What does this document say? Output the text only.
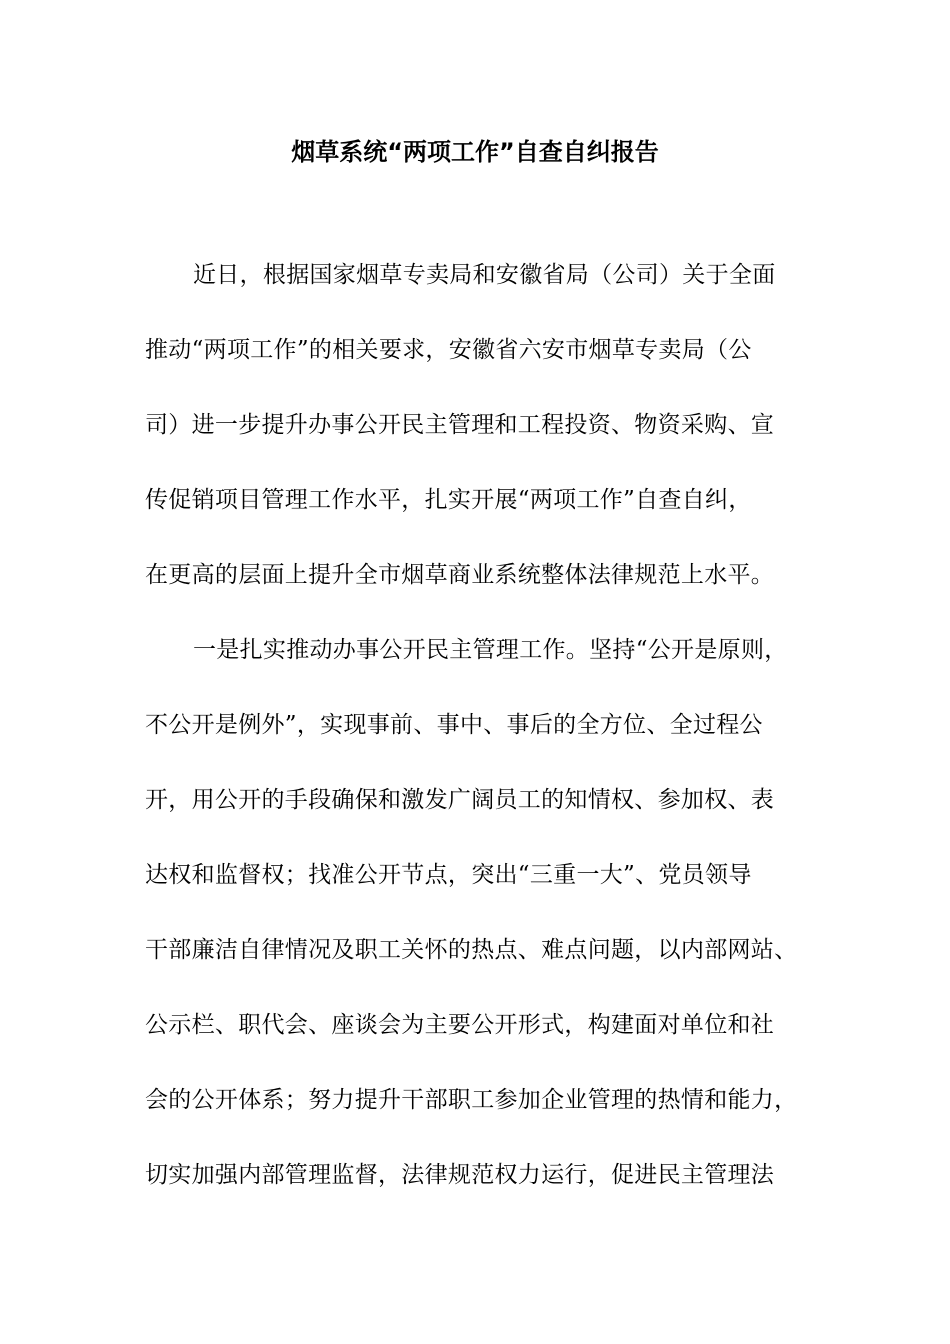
烟草系统“两项工作”自查自纠报告
近日，根据国家烟草专卖局和安徽省局（公司）关于全面
推动“两项工作”的相关要求，安徽省六安市烟草专卖局（公
司）进一步提升办事公开民主管理和工程投资、物资采购、宣
传促销项目管理工作水平，扎实开展“两项工作”自查自纠，
在更高的层面上提升全市烟草商业系统整体法律规范上水平。
一是扎实推动办事公开民主管理工作。坚持“公开是原则，
不公开是例外”，实现事前、事中、事后的全方位、全过程公
开，用公开的手段确保和激发广阔员工的知情权、参加权、表
达权和监督权；找准公开节点，突出“三重一大”、党员领导
干部廉洁自律情况及职工关怀的热点、难点问题，以内部网站、
公示栏、职代会、座谈会为主要公开形式，构建面对单位和社
会的公开体系；努力提升干部职工参加企业管理的热情和能力，
切实加强内部管理监督，法律规范权力运行，促进民主管理法
